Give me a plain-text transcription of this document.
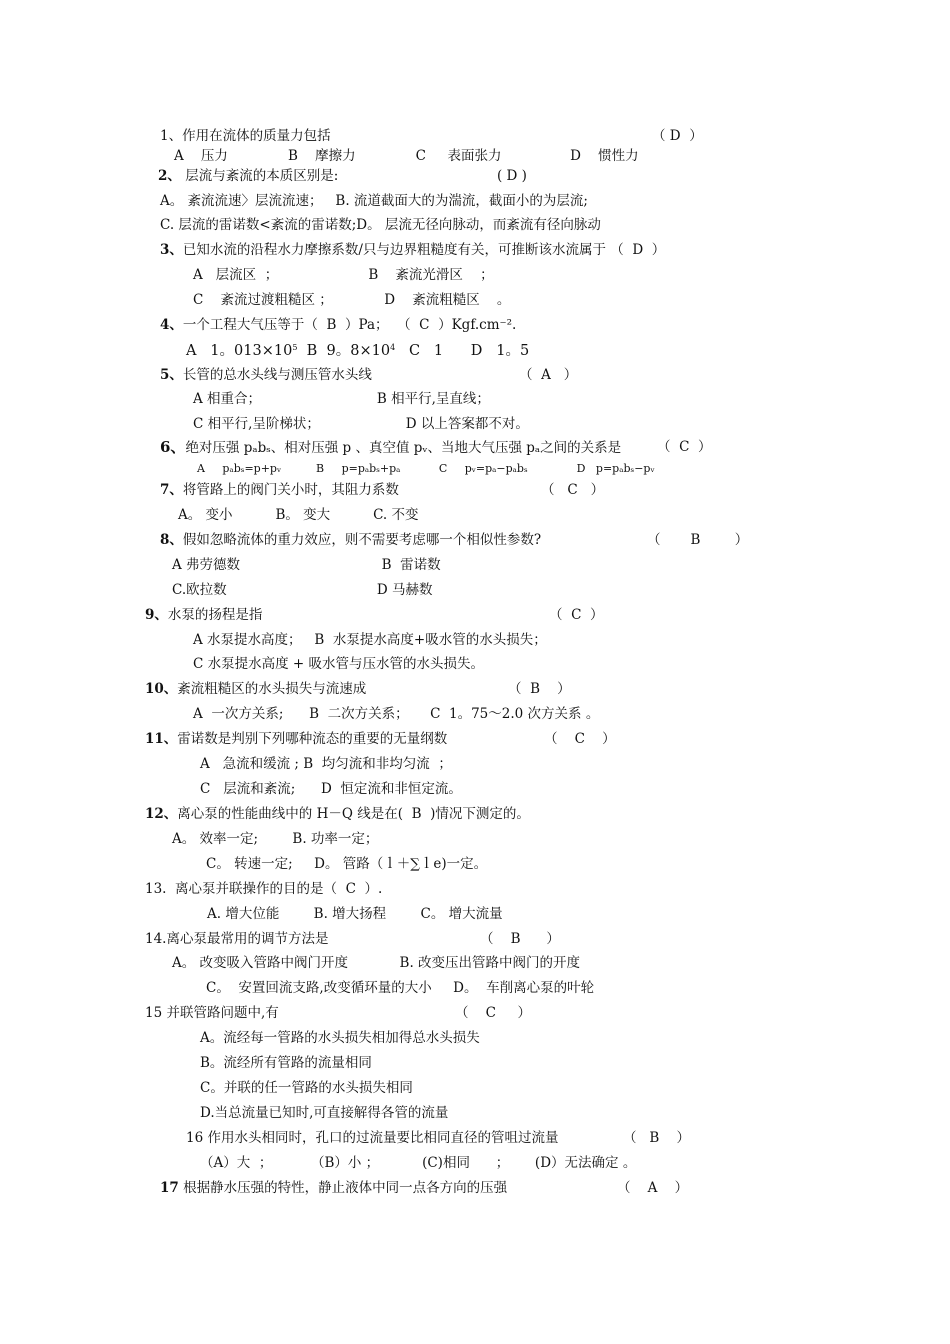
1、作用在流体的质量力包括	（ D  ）
A    压力              B    摩擦力              C     表面张力                D    惯性力
2、 层流与紊流的本质区别是:	( D )
A。 紊流流速〉层流流速；   B. 流道截面大的为湍流，截面小的为层流;
C. 层流的雷诺数<紊流的雷诺数;D。 层流无径向脉动，而紊流有径向脉动
3、已知水流的沿程水力摩擦系数/只与边界粗糙度有关，可推断该水流属于 （  D  ）
A   层流区  ；                     B    紊流光滑区    ；
C    紊流过渡粗糙区 ；            D    紊流粗糙区    。
4、一个工程大气压等于（  B  ）Pa；  （  C  ）Kgf.cm⁻².
A   1。$013\times 10^5$  B  9。$8\times 10^4$   C   1      D   1。5
5、长管的总水头线与测压管水头线	（  A   ）
A 相重合；                           B 相平行,呈直线；
C 相平行,呈阶梯状；                    D 以上答案都不对。
6、绝对压强 pₐbₛ、相对压强 p 、真空值 pᵥ、当地大气压强 pₐ之间的关系是	（  C  ）
A     pₐbₛ=p+pᵥ          B     p=pₐbₛ+pₐ           C     pᵥ=pₐ−pₐbₛ              D   p=pₐbₛ−pᵥ
7、将管路上的阀门关小时，其阻力系数	（   C   ）
A。 变小          B。 变大          C. 不变
8、假如忽略流体的重力效应，则不需要考虑哪一个相似性参数?	（       B        ）
A 弗劳德数                                 B  雷诺数
C.欧拉数                                   D 马赫数
9、水泵的扬程是指	（  C  ）
A 水泵提水高度；   B  水泵提水高度+吸水管的水头损失；
C 水泵提水高度 + 吸水管与压水管的水头损失。
10、紊流粗糙区的水头损失与流速成	（  B    ）
A  一次方关系;      B  二次方关系；     C  1。75～2.0 次方关系 。
11、雷诺数是判别下列哪种流态的重要的无量纲数	（    C    ）
A   急流和缓流 ; B  均匀流和非均匀流  ；
C   层流和紊流;      D  恒定流和非恒定流。
12、离心泵的性能曲线中的 H－Q 线是在(  B  )情况下测定的。
A。 效率一定;        B. 功率一定；
C。 转速一定;     D。 管路（ｌ＋∑ｌe)一定。
13.  离心泵并联操作的目的是（  C  ）.
A. 增大位能        B. 增大扬程        C。 增大流量
14.离心泵最常用的调节方法是	（    B      ）
A。 改变吸入管路中阀门开度            B. 改变压出管路中阀门的开度
C。  安置回流支路,改变循环量的大小     D。  车削离心泵的叶轮
15 并联管路问题中,有	（    C     ）
A。流经每一管路的水头损失相加得总水头损失
B。流经所有管路的流量相同
C。并联的任一管路的水头损失相同
D.当总流量已知时,可直接解得各管的流量
16 作用水头相同时，孔口的过流量要比相同直径的管咀过流量	（   B    ）
（A）大  ；         （B）小 ；          (C)相同      ；      (D）无法确定 。
17 根据静水压强的特性，静止液体中同一点各方向的压强	（    A    ）
